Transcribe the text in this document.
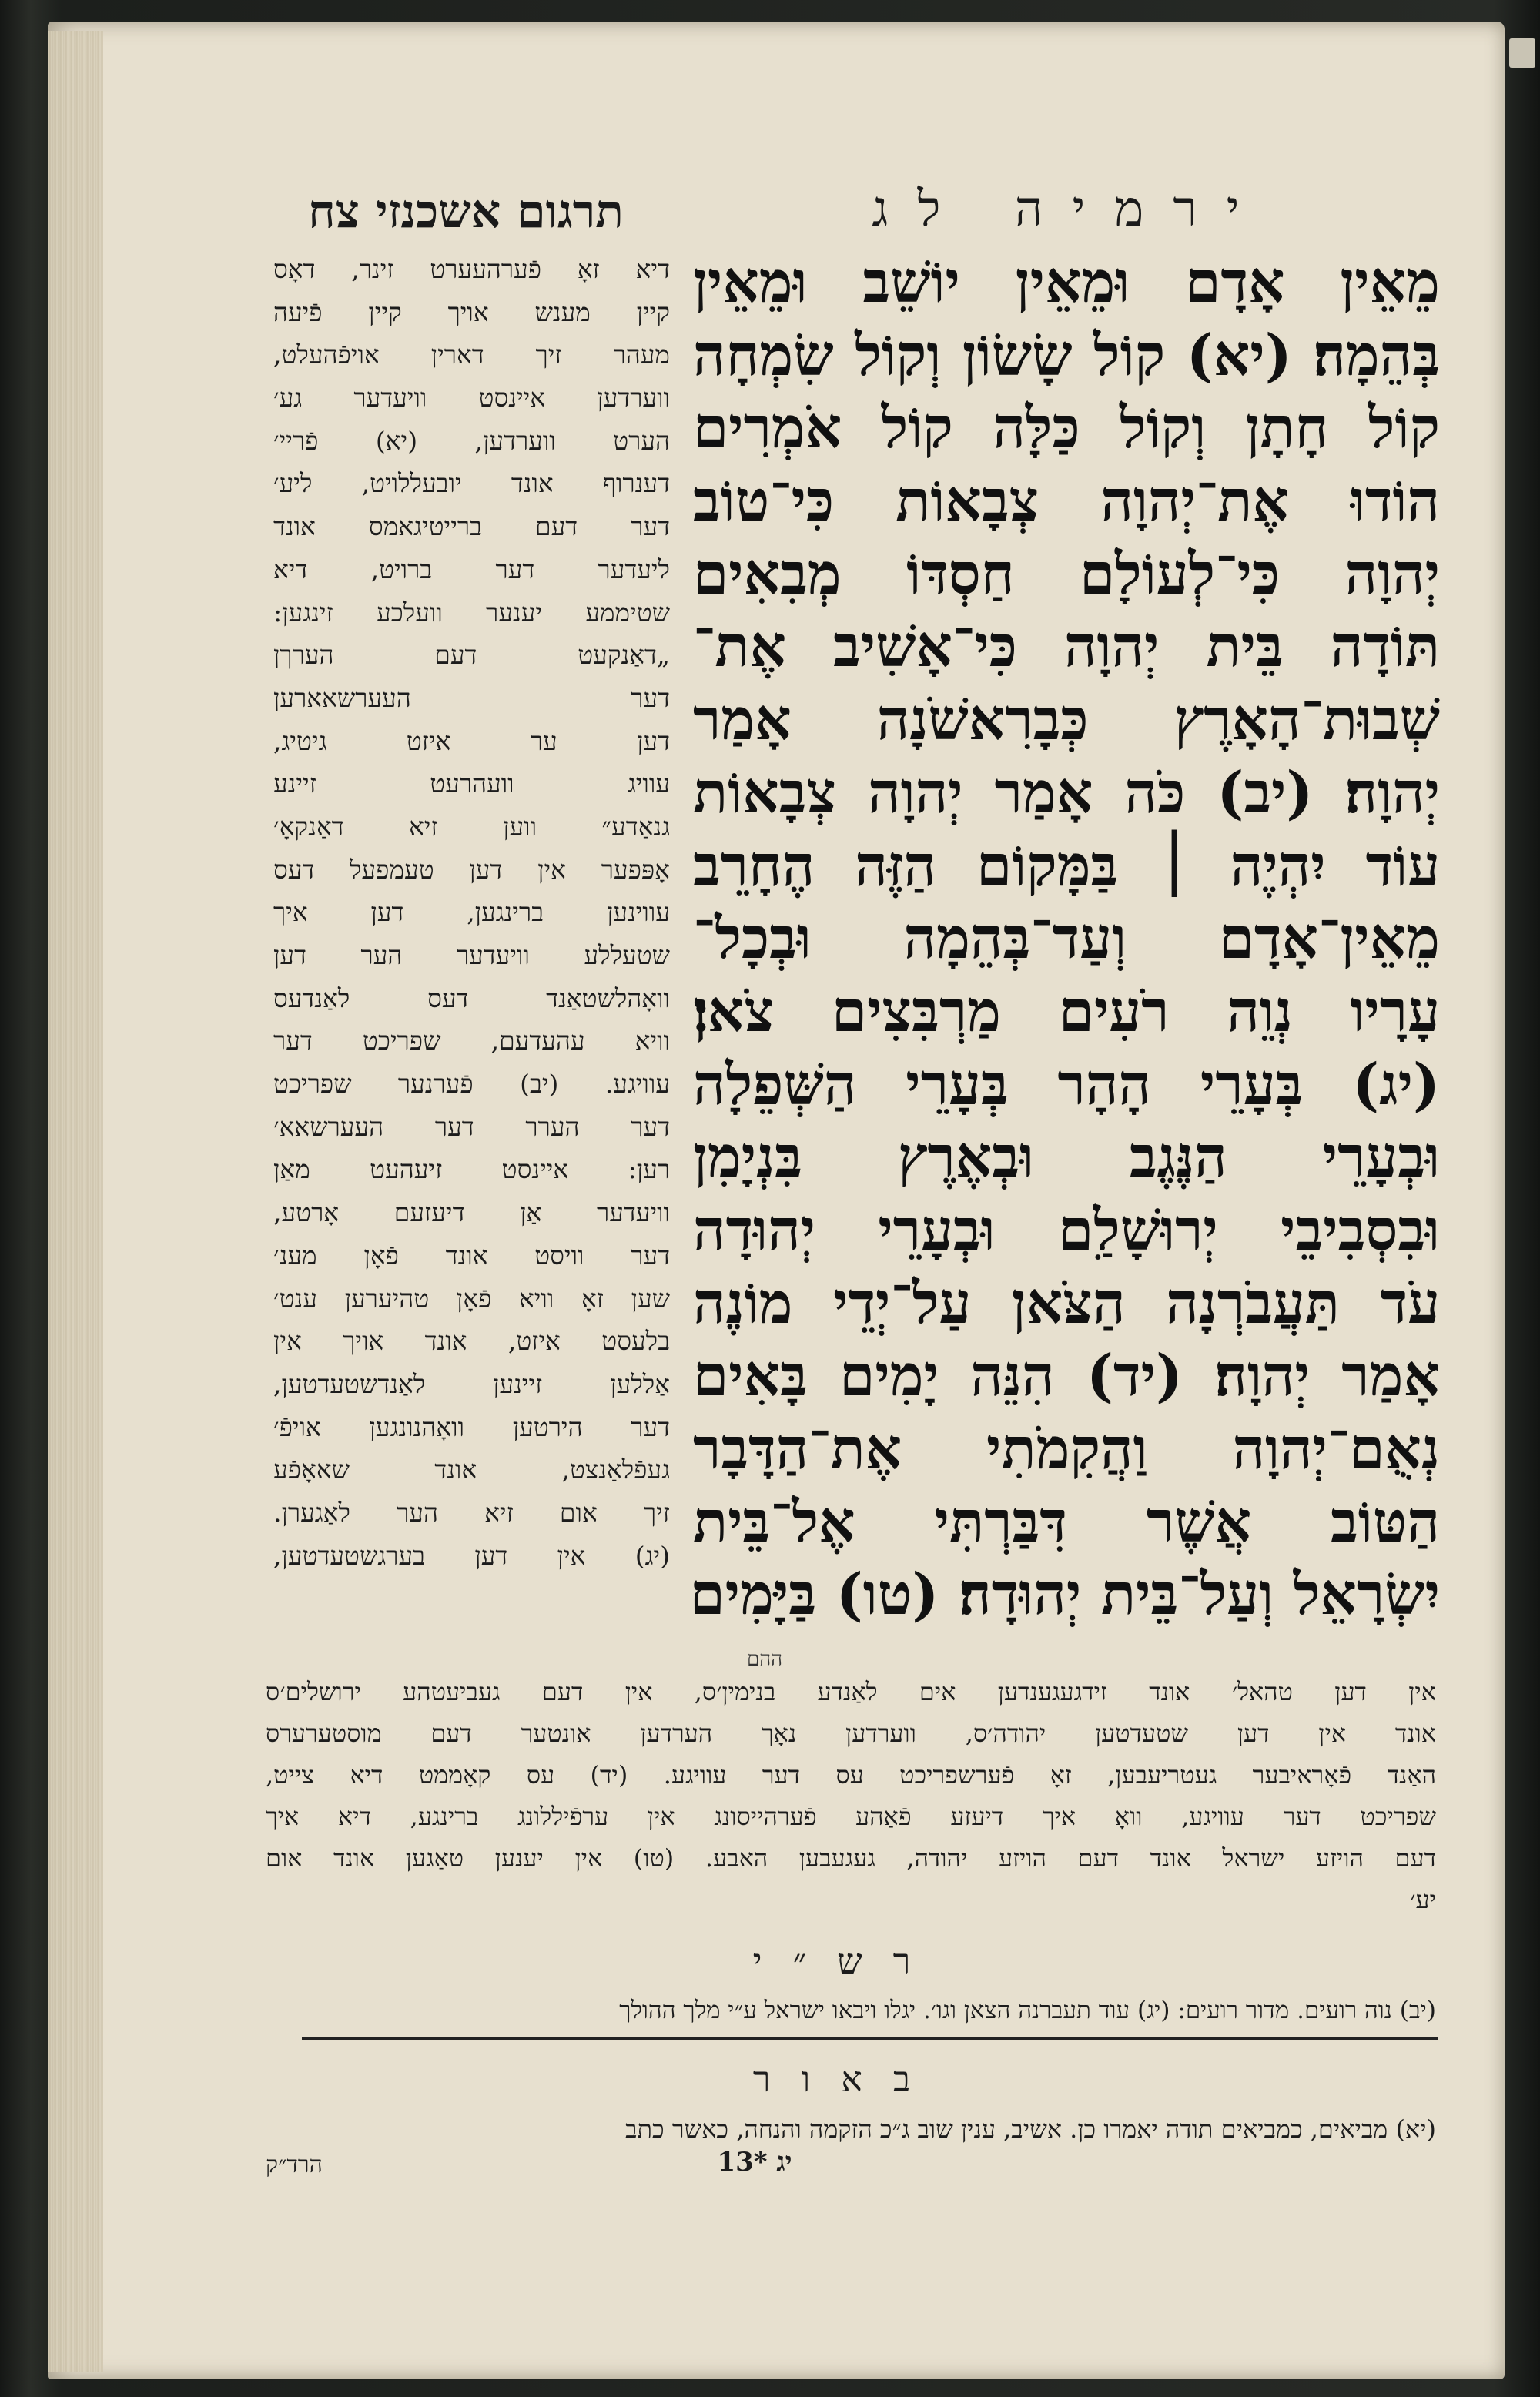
ירמיה לג
תרגום אשכנזי צח
מֵאֵין אָדָם וּמֵאֵין יוֹשֵׁב וּמֵאֵין
בְּהֵמָה׃ (יא) קוֹל שָׂשׂוֹן וְקוֹל שִׂמְחָה
קוֹל חָתָן וְקוֹל כַּלָּה קוֹל אֹמְרִים
הוֹדוּ אֶת־יְהוָה צְבָאוֹת כִּי־טוֹב
יְהוָה כִּי־לְעוֹלָם חַסְדּוֹ מְבִאִים
תּוֹדָה בֵּית יְהוָה כִּי־אָשִׁיב אֶת־
שְׁבוּת־הָאָרֶץ כְּבָרִאשֹׁנָה אָמַר
יְהוָה׃ (יב) כֹּה אָמַר יְהוָה צְבָאוֹת
עוֹד יִהְיֶה ׀ בַּמָּקוֹם הַזֶּה הֶחָרֵב
מֵאֵין־אָדָם וְעַד־בְּהֵמָה וּבְכָל־
עָרָיו נְוֵה רֹעִים מַרְבִּצִים צֹאן׃
(יג) בְּעָרֵי הָהָר בְּעָרֵי הַשְּׁפֵלָה
וּבְעָרֵי הַנֶּגֶב וּבְאֶרֶץ בִּנְיָמִן
וּבִסְבִיבֵי יְרוּשָׁלִַם וּבְעָרֵי יְהוּדָה
עֹד תַּעֲבֹרְנָה הַצֹּאן עַל־יְדֵי מוֹנֶה
אָמַר יְהוָה׃ (יד) הִנֵּה יָמִים בָּאִים
נְאֻם־יְהוָה וַהֲקִמֹתִי אֶת־הַדָּבָר
הַטּוֹב אֲשֶׁר דִּבַּרְתִּי אֶל־בֵּית
יִשְׂרָאֵל וְעַל־בֵּית יְהוּדָה׃ (טו) בַּיָּמִים
דיא זאָ פֿערהעערט זינר, דאָס
קיין מענש אויך קיין פֿיעה
מעהר זיך דארין אויפֿהעלט,
ווערדען איינסט וויעדער גע׳
הערט ווערדען, (יא) פֿריי׳
דענרוף אונד יובעללויט, ליע׳
דער דעם ברייטיגאמס אונד
ליעדער דער ברויט, דיא
שטיממע יענער וועלכע זינגען:
„דאַנקעט דעם הערךן
דער העערשאארען
דען ער איזט גיטיג,
עוויג וועהרעט זיינע
גנאַדע״ ווען זיא דאַנקאָ׳
אָפּפער אין דען טעמפעל דעס
עווינען ברינגען, דען איך
שטעללע וויעדער הער דען
וואָהלשטאַנד דעס לאַנדעס
וויא עהעדעם, שפריכט דער
עוויגע. (יב) פֿערנער שפריכט
דער הערר דער העערשאא׳
רען: איינסט זיעהעט מאַן
וויעדער אַן דיעזעם אָרטע,
דער וויסט אונד פֿאָן מענ׳
שען זאָ וויא פֿאָן טהיערען ענט׳
בלעסט איזט, אונד אויך אין
אַללען זיינען לאַנדשטעדטען,
דער הירטען וואָהנונגען אויפֿ׳
געפֿלאַנצט, אונד שאאָפֿע
זיך אום זיא הער לאַגערן.
(יג) אין דען בערגשטעדטען,
ההם
אין דען טהאל׳ אונד זידגעגענדען אים לאַנדע בנימין׳ס, אין דעם געביעטהע ירושלים׳ס
אונד אין דען שטעדטען יהודה׳ס, ווערדען נאָך הערדען אונטער דעם מוסטערערס
האַנד פֿאָראיבער געטריעבען, זאָ פֿערשפריכט עס דער עוויגע. (יד) עס קאָממט דיא צייט,
שפריכט דער עוויגע, וואָ איך דיעזע פֿאַהע פֿערהייסונג אין ערפֿיללונג ברינגע, דיא איך
דעם הויזע ישראל אונד דעם הויזע יהודה, געגעבען האבע. (טו) אין יענען טאַגען אונד אום
יע׳
רש״י
(יב) נוה רועים. מדור רועים: (יג) עוד תעברנה הצאן וגו׳. יגלו ויבאו ישראל ע״י מלך ההולך
באור
(יא) מביאים, כמביאים תודה יאמרו כן. אשיב, ענין שוב ג״כ הזקמה והנחה, כאשר כתב
הרד״ק	יג *13
